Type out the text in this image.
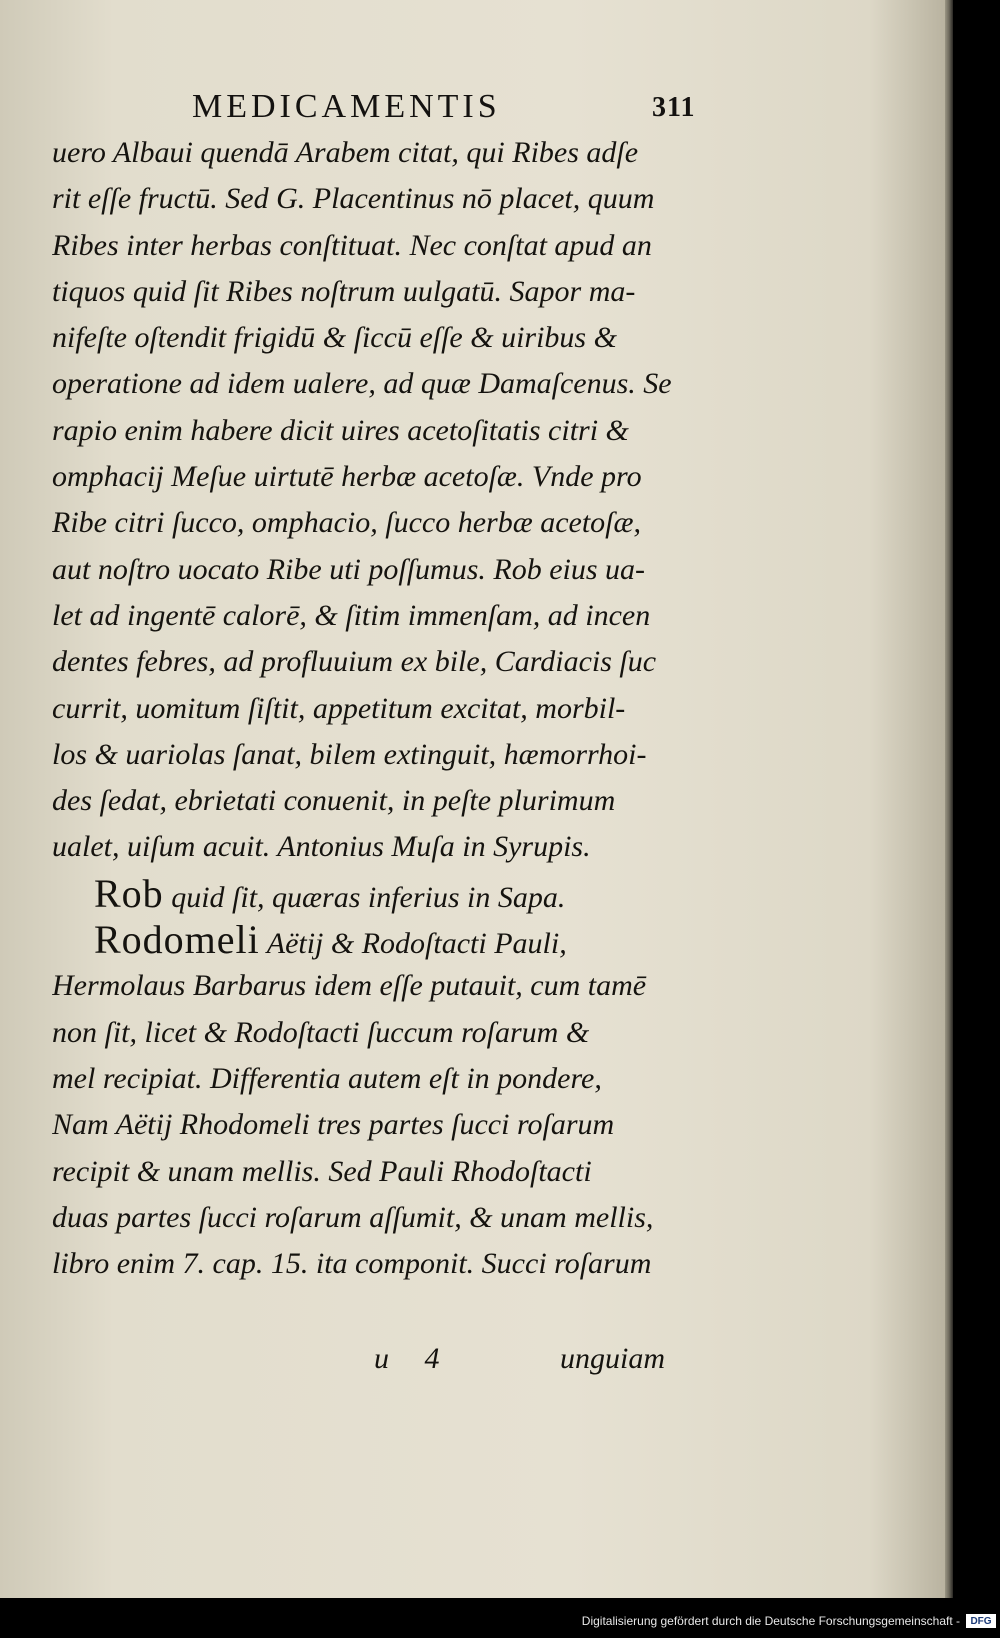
MEDICAMENTIS	311
uero Albaui quendā Arabem citat, qui Ribes adſe
rit eſſe fructū. Sed G. Placentinus nō placet, quum
Ribes inter herbas conſtituat. Nec conſtat apud an
tiquos quid ſit Ribes noſtrum uulgatū. Sapor ma-
nifeſte oſtendit frigidū & ſiccū eſſe & uiribus &
operatione ad idem ualere, ad quæ Damaſcenus. Se
rapio enim habere dicit uires acetoſitatis citri &
omphacij Meſue uirtutē herbæ acetoſæ. Vnde pro
Ribe citri ſucco, omphacio, ſucco herbæ acetoſæ,
aut noſtro uocato Ribe uti poſſumus. Rob eius ua-
let ad ingentē calorē, & ſitim immenſam, ad incen
dentes febres, ad profluuium ex bile, Cardiacis ſuc
currit, uomitum ſiſtit, appetitum excitat, morbil-
los & uariolas ſanat, bilem extinguit, hæmorrhoi-
des ſedat, ebrietati conuenit, in peſte plurimum
ualet, uiſum acuit. Antonius Muſa in Syrupis.
Rob quid ſit, quæras inferius in Sapa.
Rodomeli Aëtij & Rodoſtacti Pauli,
Hermolaus Barbarus idem eſſe putauit, cum tamē
non ſit, licet & Rodoſtacti ſuccum roſarum &
mel recipiat. Differentia autem eſt in pondere,
Nam Aëtij Rhodomeli tres partes ſucci roſarum
recipit & unam mellis. Sed Pauli Rhodoſtacti
duas partes ſucci roſarum aſſumit, & unam mellis,
libro enim 7. cap. 15. ita componit. Succi roſarum
u 4	unguiam
Digitalisierung gefördert durch die Deutsche Forschungsgemeinschaft -	DFG
